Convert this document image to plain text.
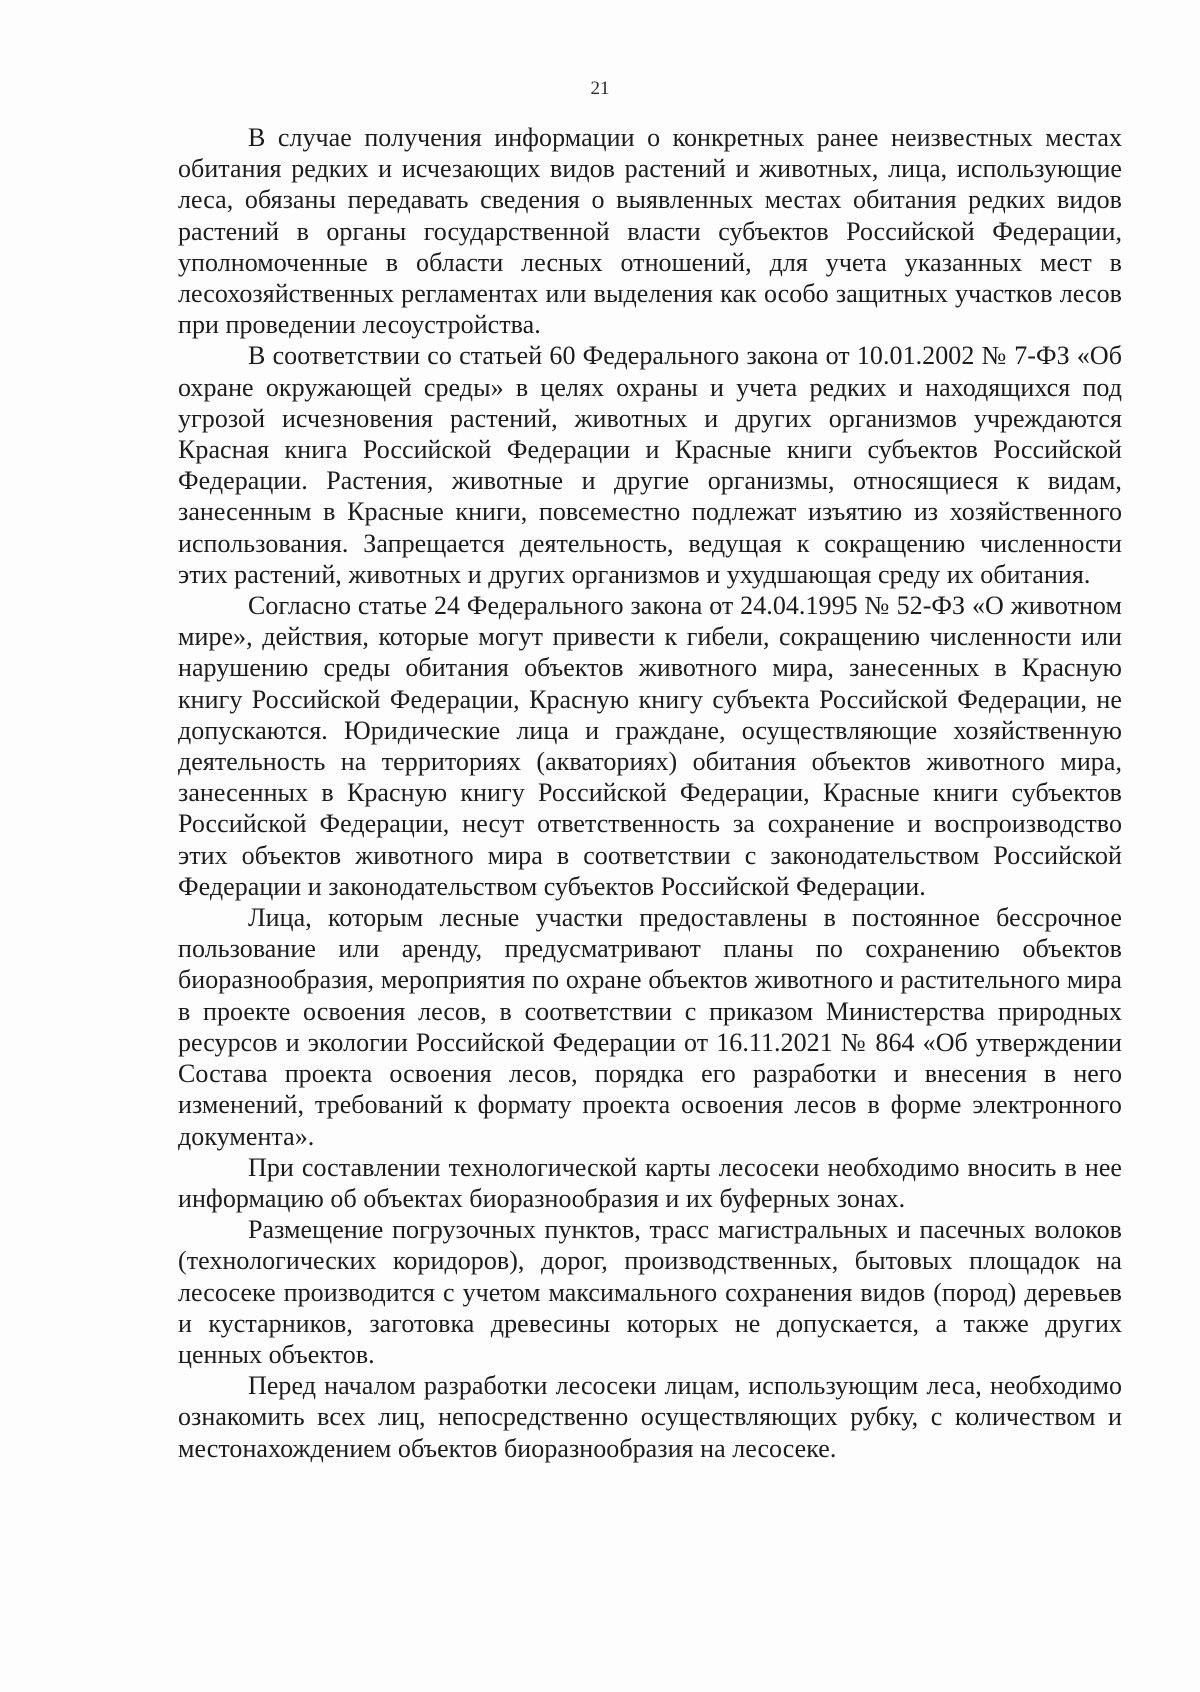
21

В случае получения информации о конкретных ранее неизвестных местах обитания редких и исчезающих видов растений и животных, лица, использующие леса, обязаны передавать сведения о выявленных местах обитания редких видов растений в органы государственной власти субъектов Российской Федерации, уполномоченные в области лесных отношений, для учета указанных мест в лесохозяйственных регламентах или выделения как особо защитных участков лесов при проведении лесоустройства.

В соответствии со статьей 60 Федерального закона от 10.01.2002 № 7-ФЗ «Об охране окружающей среды» в целях охраны и учета редких и находящихся под угрозой исчезновения растений, животных и других организмов учреждаются Красная книга Российской Федерации и Красные книги субъектов Российской Федерации. Растения, животные и другие организмы, относящиеся к видам, занесенным в Красные книги, повсеместно подлежат изъятию из хозяйственного использования. Запрещается деятельность, ведущая к сокращению численности этих растений, животных и других организмов и ухудшающая среду их обитания.

Согласно статье 24 Федерального закона от 24.04.1995 № 52-ФЗ «О животном мире», действия, которые могут привести к гибели, сокращению численности или нарушению среды обитания объектов животного мира, занесенных в Красную книгу Российской Федерации, Красную книгу субъекта Российской Федерации, не допускаются. Юридические лица и граждане, осуществляющие хозяйственную деятельность на территориях (акваториях) обитания объектов животного мира, занесенных в Красную книгу Российской Федерации, Красные книги субъектов Российской Федерации, несут ответственность за сохранение и воспроизводство этих объектов животного мира в соответствии с законодательством Российской Федерации и законодательством субъектов Российской Федерации.

Лица, которым лесные участки предоставлены в постоянное бессрочное пользование или аренду, предусматривают планы по сохранению объектов биоразнообразия, мероприятия по охране объектов животного и растительного мира в проекте освоения лесов, в соответствии с приказом Министерства природных ресурсов и экологии Российской Федерации от 16.11.2021 № 864 «Об утверждении Состава проекта освоения лесов, порядка его разработки и внесения в него изменений, требований к формату проекта освоения лесов в форме электронного документа».

При составлении технологической карты лесосеки необходимо вносить в нее информацию об объектах биоразнообразия и их буферных зонах.

Размещение погрузочных пунктов, трасс магистральных и пасечных волоков (технологических коридоров), дорог, производственных, бытовых площадок на лесосеке производится с учетом максимального сохранения видов (пород) деревьев и кустарников, заготовка древесины которых не допускается, а также других ценных объектов.

Перед началом разработки лесосеки лицам, использующим леса, необходимо ознакомить всех лиц, непосредственно осуществляющих рубку, с количеством и местонахождением объектов биоразнообразия на лесосеке.
